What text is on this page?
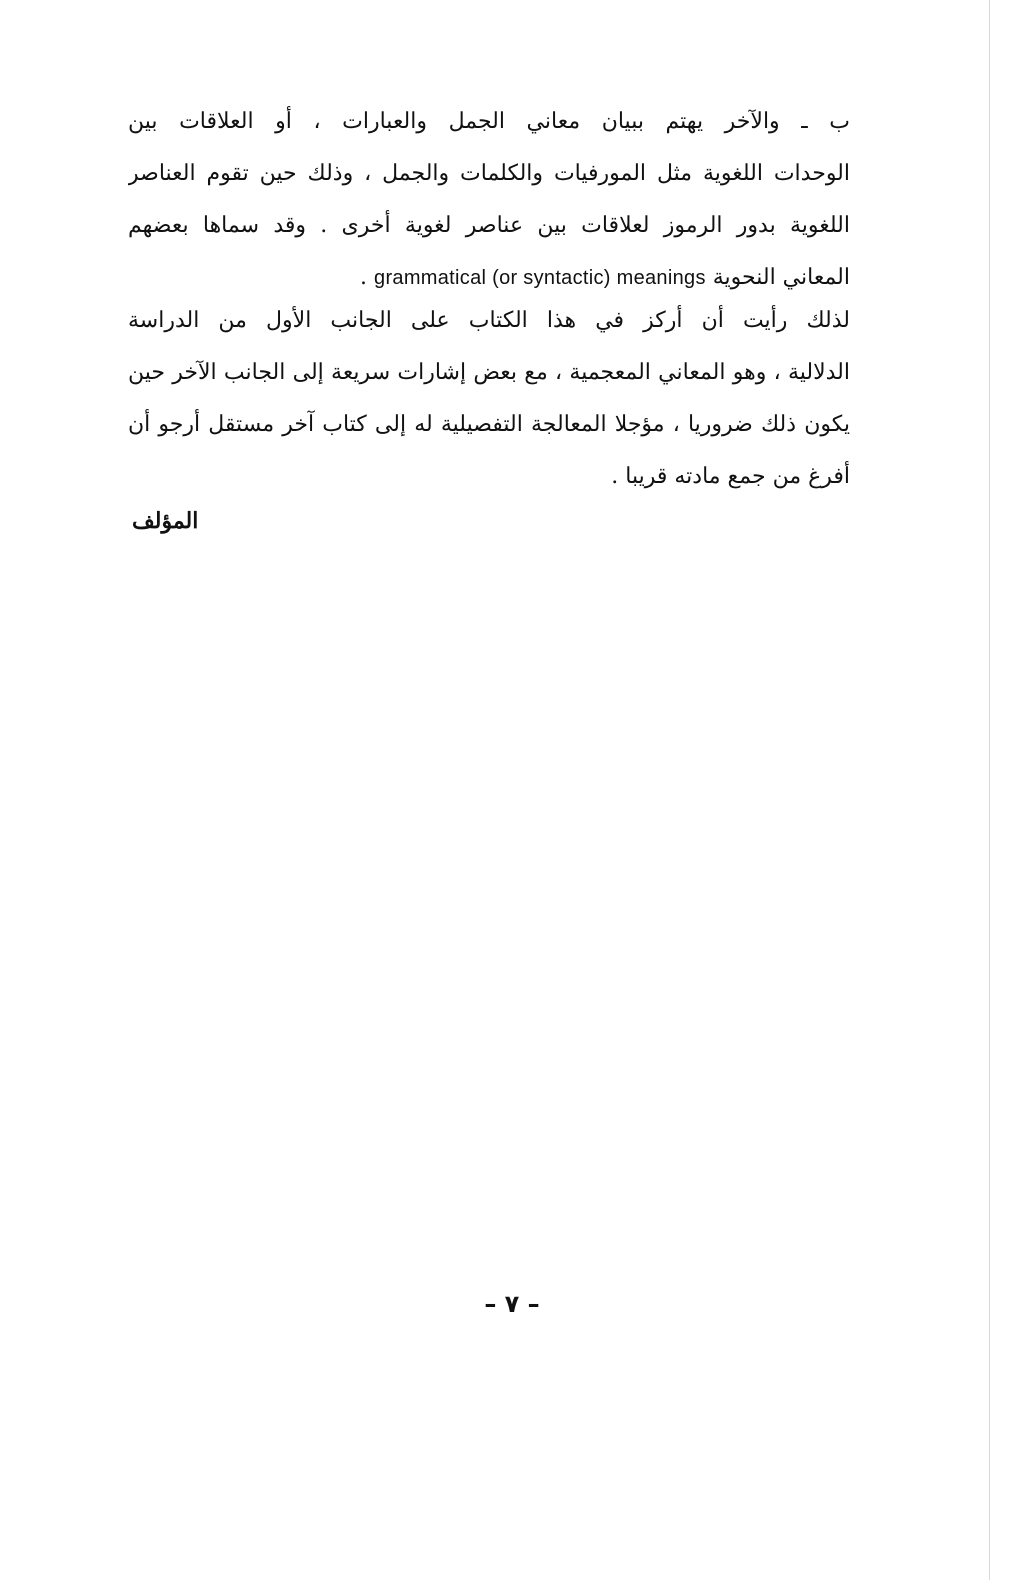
ب ـ والآخر يهتم ببيان معاني الجمل والعبارات ، أو العلاقات بين
الوحدات اللغوية مثل المورفيات والكلمات والجمل ، وذلك حين تقوم العناصر
اللغوية بدور الرموز لعلاقات بين عناصر لغوية أخرى . وقد سماها بعضهم
المعاني النحوية grammatical (or syntactic) meanings .
لذلك رأيت أن أركز في هذا الكتاب على الجانب الأول من الدراسة
الدلالية ، وهو المعاني المعجمية ، مع بعض إشارات سريعة إلى الجانب الآخر حين
يكون ذلك ضروريا ، مؤجلا المعالجة التفصيلية له إلى كتاب آخر مستقل أرجو أن
أفرغ من جمع مادته قريبا .
المؤلف
– ٧ –
